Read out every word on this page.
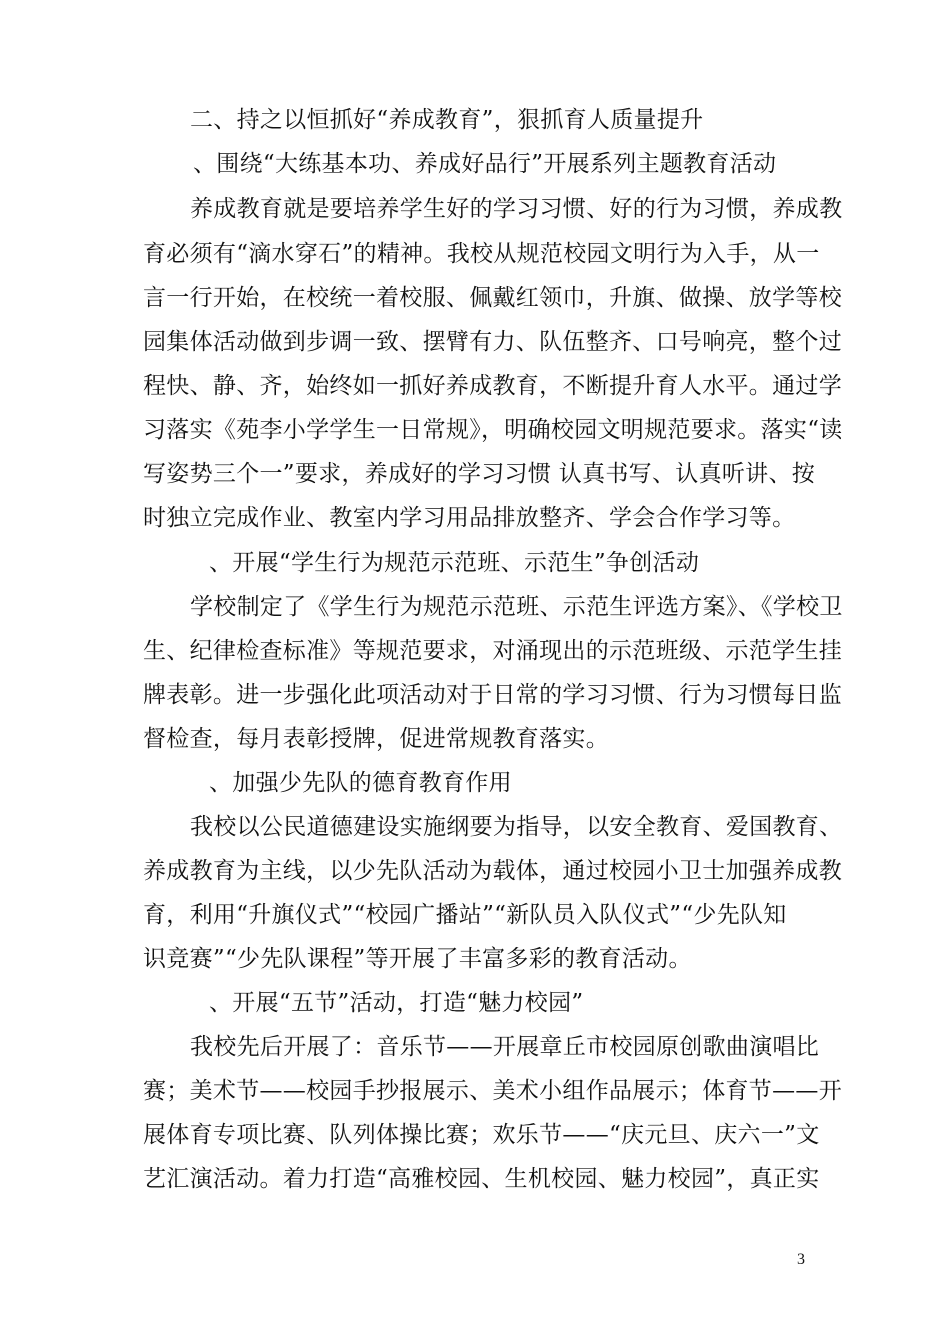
二、持之以恒抓好“养成教育”，狠抓育人质量提升
、围绕“大练基本功、养成好品行”开展系列主题教育活动
养成教育就是要培养学生好的学习习惯、好的行为习惯，养成教
育必须有“滴水穿石”的精神。我校从规范校园文明行为入手，从一
言一行开始，在校统一着校服、佩戴红领巾，升旗、做操、放学等校
园集体活动做到步调一致、摆臂有力、队伍整齐、口号响亮，整个过
程快、静、齐，始终如一抓好养成教育，不断提升育人水平。通过学
习落实《苑李小学学生一日常规》，明确校园文明规范要求。落实“读
写姿势三个一”要求，养成好的学习习惯 认真书写、认真听讲、按
时独立完成作业、教室内学习用品排放整齐、学会合作学习等。
、开展“学生行为规范示范班、示范生”争创活动
学校制定了《学生行为规范示范班、示范生评选方案》、《学校卫
生、纪律检查标准》等规范要求，对涌现出的示范班级、示范学生挂
牌表彰。进一步强化此项活动对于日常的学习习惯、行为习惯每日监
督检查，每月表彰授牌，促进常规教育落实。
、加强少先队的德育教育作用
我校以公民道德建设实施纲要为指导，以安全教育、爱国教育、
养成教育为主线，以少先队活动为载体，通过校园小卫士加强养成教
育，利用“升旗仪式”“校园广播站”“新队员入队仪式”“少先队知
识竞赛”“少先队课程”等开展了丰富多彩的教育活动。
、开展“五节”活动，打造“魅力校园”
我校先后开展了：音乐节——开展章丘市校园原创歌曲演唱比
赛；美术节——校园手抄报展示、美术小组作品展示；体育节——开
展体育专项比赛、队列体操比赛；欢乐节——“庆元旦、庆六一”文
艺汇演活动。着力打造“高雅校园、生机校园、魅力校园”，真正实
3
